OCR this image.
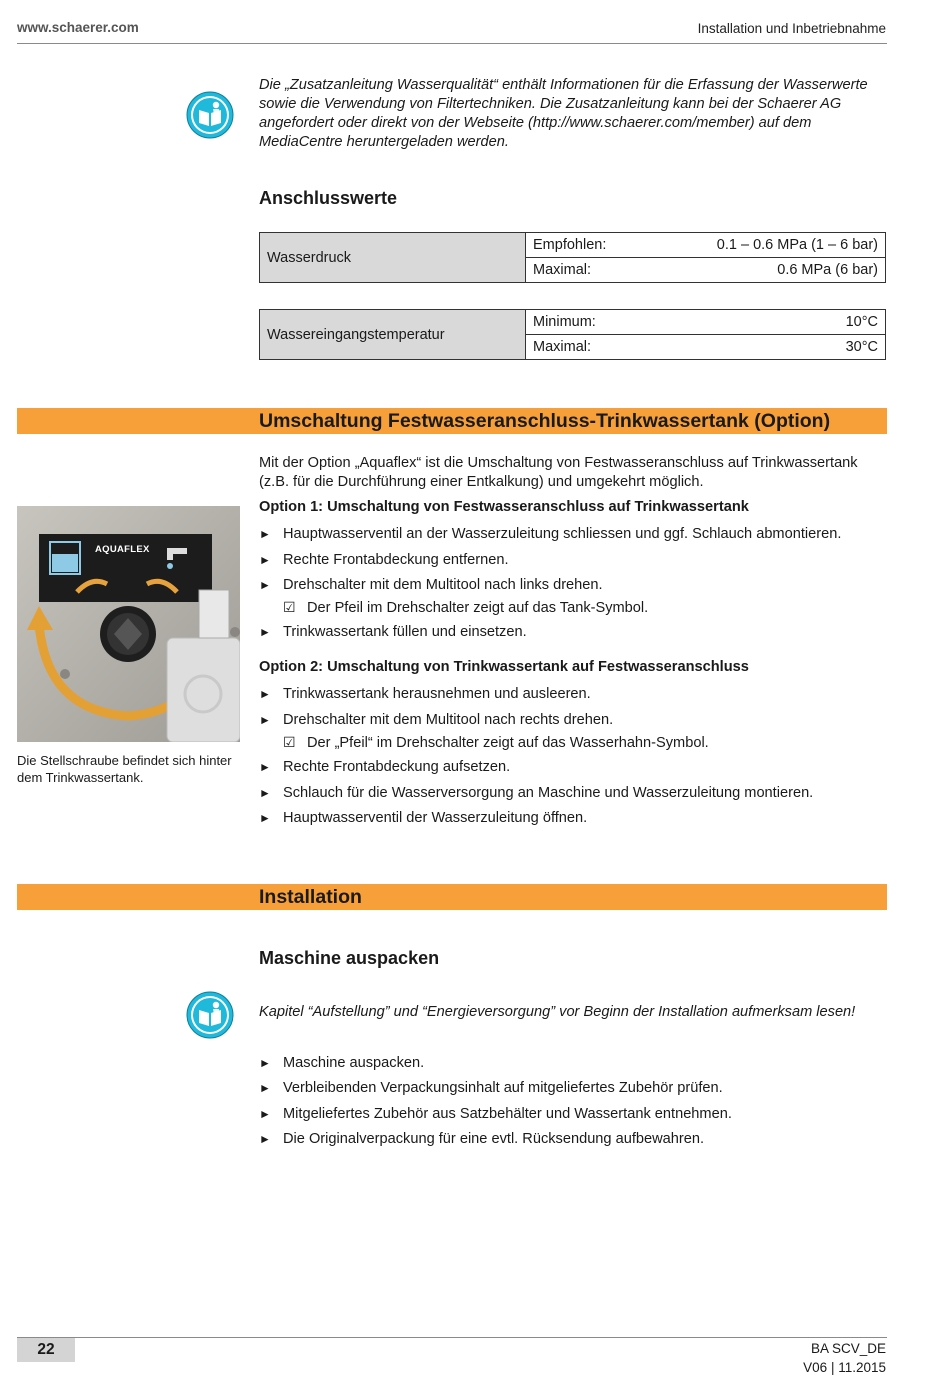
www.schaerer.com	Installation und Inbetriebnahme
Die „Zusatzanleitung Wasserqualität“ enthält Informationen für die Erfassung der Wasserwerte sowie die Verwendung von Filtertechniken. Die Zusatzanleitung kann bei der Schaerer AG angefordert oder direkt von der Webseite (http://www.schaerer.com/member) auf dem MediaCentre heruntergeladen werden.
Anschlusswerte
Wasserdruck	Empfohlen:	0.1 – 0.6 MPa (1 – 6 bar)
	Maximal:	0.6 MPa (6 bar)
Wassereingangstemperatur	Minimum:	10°C
	Maximal:	30°C
Umschaltung Festwasseranschluss-Trinkwassertank (Option)
Mit der Option „Aquaflex“ ist die Umschaltung von Festwasseranschluss auf Trinkwassertank (z.B. für die Durchführung einer Entkalkung) und umgekehrt möglich.
AQUAFLEX
Die Stellschraube befindet sich hinter dem Trinkwassertank.
Option 1: Umschaltung von Festwasseranschluss auf Trinkwassertank
► Hauptwasserventil an der Wasserzuleitung schliessen und ggf. Schlauch abmontieren.
► Rechte Frontabdeckung entfernen.
► Drehschalter mit dem Multitool nach links drehen.
☑ Der Pfeil im Drehschalter zeigt auf das Tank-Symbol.
► Trinkwassertank füllen und einsetzen.
Option 2: Umschaltung von Trinkwassertank auf Festwasseranschluss
► Trinkwassertank herausnehmen und ausleeren.
► Drehschalter mit dem Multitool nach rechts drehen.
☑ Der „Pfeil“ im Drehschalter zeigt auf das Wasserhahn-Symbol.
► Rechte Frontabdeckung aufsetzen.
► Schlauch für die Wasserversorgung an Maschine und Wasserzuleitung montieren.
► Hauptwasserventil der Wasserzuleitung öffnen.
Installation
Maschine auspacken
Kapitel “Aufstellung” und “Energieversorgung” vor Beginn der Installation aufmerksam lesen!
► Maschine auspacken.
► Verbleibenden Verpackungsinhalt auf mitgeliefertes Zubehör prüfen.
► Mitgeliefertes Zubehör aus Satzbehälter und Wassertank entnehmen.
► Die Originalverpackung für eine evtl. Rücksendung aufbewahren.
22	BA SCV_DE
V06 | 11.2015
